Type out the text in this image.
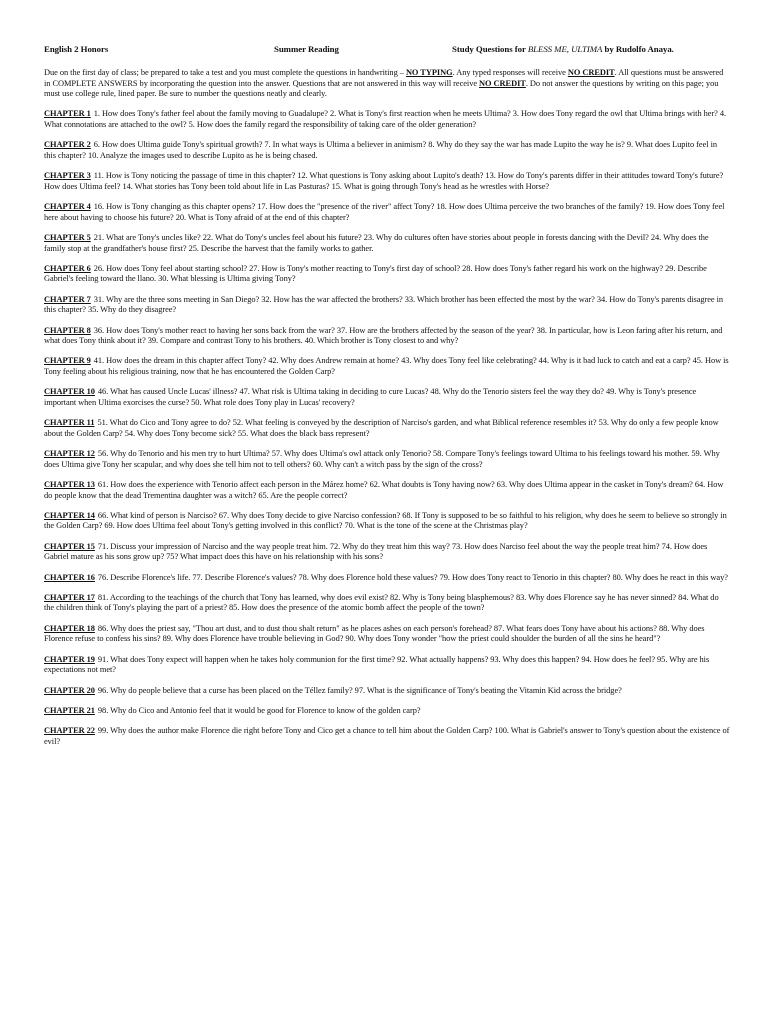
English 2 Honors	Summer Reading	Study Questions for BLESS ME, ULTIMA by Rudolfo Anaya.
Due on the first day of class; be prepared to take a test and you must complete the questions in handwriting – NO TYPING. Any typed responses will receive NO CREDIT. All questions must be answered in COMPLETE ANSWERS by incorporating the question into the answer. Questions that are not answered in this way will receive NO CREDIT. Do not answer the questions by writing on this page; you must use college rule, lined paper. Be sure to number the questions neatly and clearly.
CHAPTER 1 1. How does Tony's father feel about the family moving to Guadalupe? 2. What is Tony's first reaction when he meets Ultima? 3. How does Tony regard the owl that Ultima brings with her? 4. What connotations are attached to the owl? 5. How does the family regard the responsibility of taking care of the older generation?
CHAPTER 2 6. How does Ultima guide Tony's spiritual growth? 7. In what ways is Ultima a believer in animism? 8. Why do they say the war has made Lupito the way he is? 9. What does Lupito feel in this chapter? 10. Analyze the images used to describe Lupito as he is being chased.
CHAPTER 3 11. How is Tony noticing the passage of time in this chapter? 12. What questions is Tony asking about Lupito's death? 13. How do Tony's parents differ in their attitudes toward Tony's future? How does Ultima feel? 14. What stories has Tony been told about life in Las Pasturas? 15. What is going through Tony's head as he wrestles with Horse?
CHAPTER 4 16. How is Tony changing as this chapter opens? 17. How does the "presence of the river" affect Tony? 18. How does Ultima perceive the two branches of the family? 19. How does Tony feel here about having to choose his future? 20. What is Tony afraid of at the end of this chapter?
CHAPTER 5 21. What are Tony's uncles like? 22. What do Tony's uncles feel about his future? 23. Why do cultures often have stories about people in forests dancing with the Devil? 24. Why does the family stop at the grandfather's house first? 25. Describe the harvest that the family works to gather.
CHAPTER 6 26. How does Tony feel about starting school? 27. How is Tony's mother reacting to Tony's first day of school? 28. How does Tony's father regard his work on the highway? 29. Describe Gabriel's feeling toward the llano. 30. What blessing is Ultima giving Tony?
CHAPTER 7 31. Why are the three sons meeting in San Diego? 32. How has the war affected the brothers? 33. Which brother has been effected the most by the war? 34. How do Tony's parents disagree in this chapter? 35. Why do they disagree?
CHAPTER 8 36. How does Tony's mother react to having her sons back from the war? 37. How are the brothers affected by the season of the year? 38. In particular, how is Leon faring after his return, and what does Tony think about it? 39. Compare and contrast Tony to his brothers. 40. Which brother is Tony closest to and why?
CHAPTER 9 41. How does the dream in this chapter affect Tony? 42. Why does Andrew remain at home? 43. Why does Tony feel like celebrating? 44. Why is it bad luck to catch and eat a carp? 45. How is Tony feeling about his religious training, now that he has encountered the Golden Carp?
CHAPTER 10 46. What has caused Uncle Lucas' illness? 47. What risk is Ultima taking in deciding to cure Lucas? 48. Why do the Tenorio sisters feel the way they do? 49. Why is Tony's presence important when Ultima exorcises the curse? 50. What role does Tony play in Lucas' recovery?
CHAPTER 11 51. What do Cico and Tony agree to do? 52. What feeling is conveyed by the description of Narciso's garden, and what Biblical reference resembles it? 53. Why do only a few people know about the Golden Carp? 54. Why does Tony become sick? 55. What does the black bass represent?
CHAPTER 12 56. Why do Tenorio and his men try to hurt Ultima? 57. Why does Ultima's owl attack only Tenorio? 58. Compare Tony's feelings toward Ultima to his feelings toward his mother. 59. Why does Ultima give Tony her scapular, and why does she tell him not to tell others? 60. Why can't a witch pass by the sign of the cross?
CHAPTER 13 61. How does the experience with Tenorio affect each person in the Márez home? 62. What doubts is Tony having now? 63. Why does Ultima appear in the casket in Tony's dream? 64. How do people know that the dead Trementina daughter was a witch? 65. Are the people correct?
CHAPTER 14 66. What kind of person is Narciso? 67. Why does Tony decide to give Narciso confession? 68. If Tony is supposed to be so faithful to his religion, why does he seem to believe so strongly in the Golden Carp? 69. How does Ultima feel about Tony's getting involved in this conflict? 70. What is the tone of the scene at the Christmas play?
CHAPTER 15 71. Discuss your impression of Narciso and the way people treat him. 72. Why do they treat him this way? 73. How does Narciso feel about the way the people treat him? 74. How does Gabriel mature as his sons grow up? 75? What impact does this have on his relationship with his sons?
CHAPTER 16 76. Describe Florence's life. 77. Describe Florence's values? 78. Why does Florence hold these values? 79. How does Tony react to Tenorio in this chapter? 80. Why does he react in this way?
CHAPTER 17 81. According to the teachings of the church that Tony has learned, why does evil exist? 82. Why is Tony being blasphemous? 83. Why does Florence say he has never sinned? 84. What do the children think of Tony's playing the part of a priest? 85. How does the presence of the atomic bomb affect the people of the town?
CHAPTER 18 86. Why does the priest say, "Thou art dust, and to dust thou shalt return" as he places ashes on each person's forehead? 87. What fears does Tony have about his actions? 88. Why does Florence refuse to confess his sins? 89. Why does Florence have trouble believing in God? 90. Why does Tony wonder "how the priest could shoulder the burden of all the sins he heard"?
CHAPTER 19 91. What does Tony expect will happen when he takes holy communion for the first time? 92. What actually happens? 93. Why does this happen? 94. How does he feel? 95. Why are his expectations not met?
CHAPTER 20 96. Why do people believe that a curse has been placed on the Téllez family? 97. What is the significance of Tony's beating the Vitamin Kid across the bridge?
CHAPTER 21 98. Why do Cico and Antonio feel that it would be good for Florence to know of the golden carp?
CHAPTER 22 99. Why does the author make Florence die right before Tony and Cico get a chance to tell him about the Golden Carp? 100. What is Gabriel's answer to Tony's question about the existence of evil?
